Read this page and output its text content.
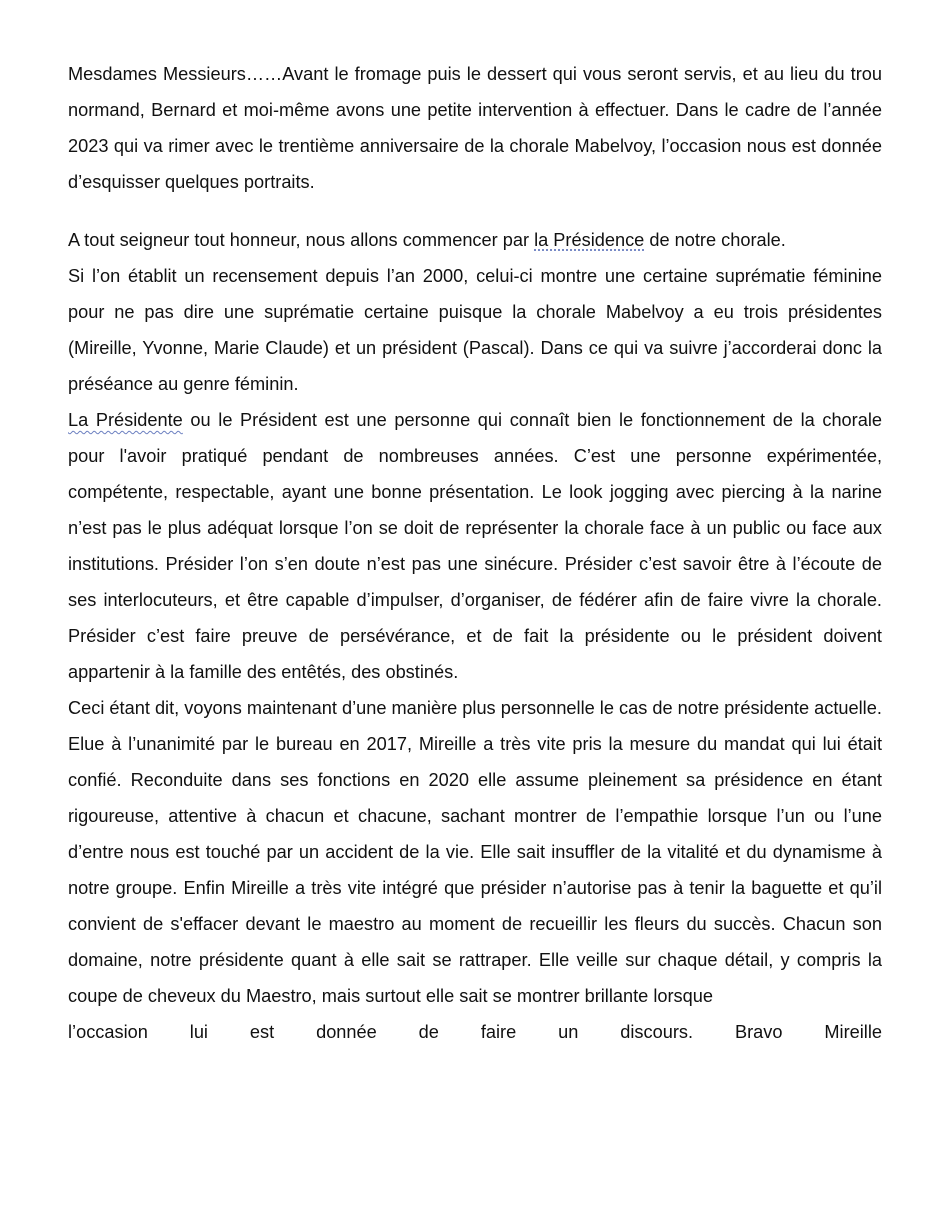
Mesdames Messieurs……Avant le fromage puis le dessert qui vous seront servis, et au lieu du trou normand, Bernard et moi-même avons une petite intervention à effectuer. Dans le cadre de l’année 2023 qui va rimer avec le trentième anniversaire de la chorale Mabelvoy, l’occasion nous est donnée d’esquisser quelques portraits.

A tout seigneur tout honneur, nous allons commencer par la Présidence de notre chorale.

Si l’on établit un recensement depuis l’an 2000, celui-ci montre une certaine suprématie féminine pour ne pas dire une suprématie certaine puisque la chorale Mabelvoy a eu trois présidentes (Mireille, Yvonne, Marie Claude) et un président (Pascal). Dans ce qui va suivre j’accorderai donc la préséance au genre féminin.

La Présidente ou le Président est une personne qui connaît bien le fonctionnement de la chorale pour l'avoir pratiqué pendant de nombreuses années. C’est une personne expérimentée, compétente, respectable, ayant une bonne présentation. Le look jogging avec piercing à la narine n’est pas le plus adéquat lorsque l’on se doit de représenter la chorale face à un public ou face aux institutions. Présider l’on s’en doute n’est pas une sinécure. Présider c’est savoir être à l’écoute de ses interlocuteurs, et être capable d’impulser, d’organiser, de fédérer afin de faire vivre la chorale. Présider c’est faire preuve de persévérance, et de fait la présidente ou le président doivent appartenir à la famille des entêtés, des obstinés.

Ceci étant dit, voyons maintenant d’une manière plus personnelle le cas de notre présidente actuelle.

Elue à l’unanimité par le bureau en 2017, Mireille a très vite pris la mesure du mandat qui lui était confié. Reconduite dans ses fonctions en 2020 elle assume pleinement sa présidence en étant rigoureuse, attentive à chacun et chacune, sachant montrer de l’empathie lorsque l’un ou l’une d’entre nous est touché par un accident de la vie. Elle sait insuffler de la vitalité et du dynamisme à notre groupe. Enfin Mireille a très vite intégré que présider n’autorise pas à tenir la baguette et qu’il convient de s'effacer devant le maestro au moment de recueillir les fleurs du succès. Chacun son domaine, notre présidente quant à elle sait se rattraper. Elle veille sur chaque détail, y compris la coupe de cheveux du Maestro, mais surtout elle sait se montrer brillante lorsque

l’occasion lui est donnée de faire un discours. Bravo Mireille
